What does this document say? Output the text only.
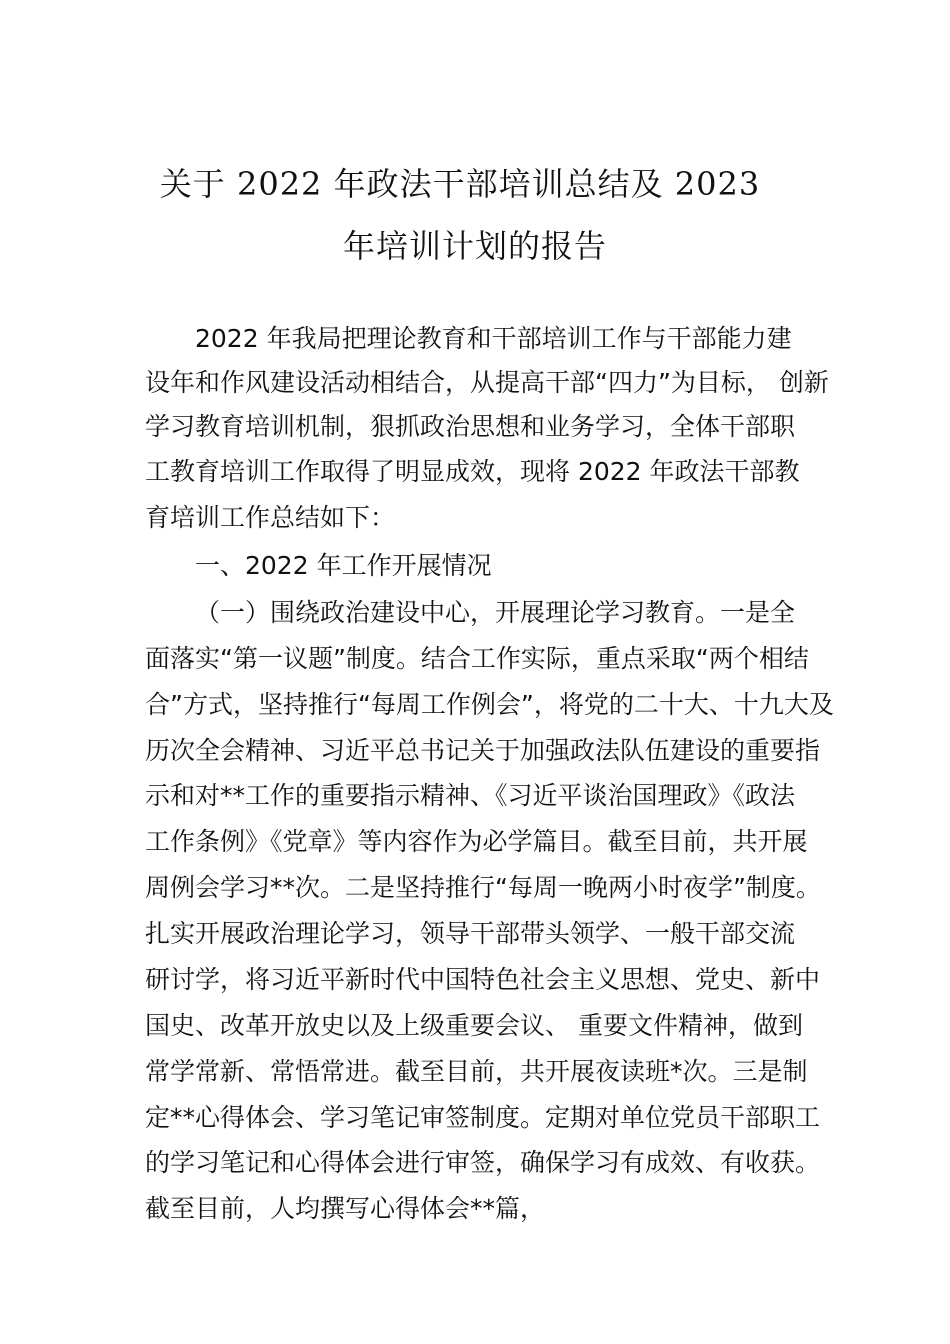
关于 2022 年政法干部培训总结及 2023
年培训计划的报告
2022 年我局把理论教育和干部培训工作与干部能力建
设年和作风建设活动相结合，从提高干部“四力”为目标， 创新
学习教育培训机制，狠抓政治思想和业务学习，全体干部职
工教育培训工作取得了明显成效，现将 2022 年政法干部教
育培训工作总结如下：
一、2022 年工作开展情况
（一）围绕政治建设中心，开展理论学习教育。一是全
面落实“第一议题”制度。结合工作实际，重点采取“两个相结
合”方式，坚持推行“每周工作例会”，将党的二十大、十九大及
历次全会精神、习近平总书记关于加强政法队伍建设的重要指
示和对**工作的重要指示精神、《习近平谈治国理政》《政法
工作条例》《党章》等内容作为必学篇目。截至目前，共开展
周例会学习**次。二是坚持推行“每周一晚两小时夜学”制度。
扎实开展政治理论学习，领导干部带头领学、一般干部交流
研讨学，将习近平新时代中国特色社会主义思想、党史、新中
国史、改革开放史以及上级重要会议、 重要文件精神，做到
常学常新、常悟常进。截至目前，共开展夜读班*次。三是制
定**心得体会、学习笔记审签制度。定期对单位党员干部职工
的学习笔记和心得体会进行审签，确保学习有成效、有收获。
截至目前，人均撰写心得体会**篇，
